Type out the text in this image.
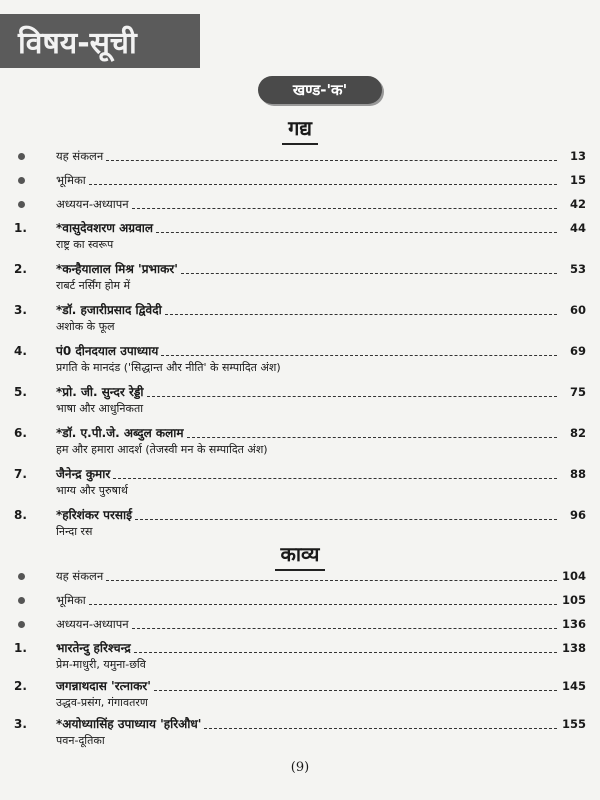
विषय-सूची
खण्ड-'क'
गद्य
यह संकलन	13
भूमिका	15
अध्ययन-अध्यापन	42
1.	*वासुदेवशरण अग्रवाल	44
राष्ट्र का स्वरूप
2.	*कन्हैयालाल मिश्र 'प्रभाकर'	53
राबर्ट नर्सिंग होम में
3.	*डॉ. हजारीप्रसाद द्विवेदी	60
अशोक के फूल
4.	पं0 दीनदयाल उपाध्याय	69
प्रगति के मानदंड ('सिद्धान्त और नीति' के सम्पादित अंश)
5.	*प्रो. जी. सुन्दर रेड्डी	75
भाषा और आधुनिकता
6.	*डॉ. ए.पी.जे. अब्दुल कलाम	82
हम और हमारा आदर्श (तेजस्वी मन के सम्पादित अंश)
7.	जैनेन्द्र कुमार	88
भाग्य और पुरुषार्थ
8.	*हरिशंकर परसाई	96
निन्दा रस
काव्य
यह संकलन	104
भूमिका	105
अध्ययन-अध्यापन	136
1.	भारतेन्दु हरिश्चन्द्र	138
प्रेम-माधुरी, यमुना-छवि
2.	जगन्नाथदास 'रत्नाकर'	145
उद्धव-प्रसंग, गंगावतरण
3.	*अयोध्यासिंह उपाध्याय 'हरिऔध'	155
पवन-दूतिका
(9)
